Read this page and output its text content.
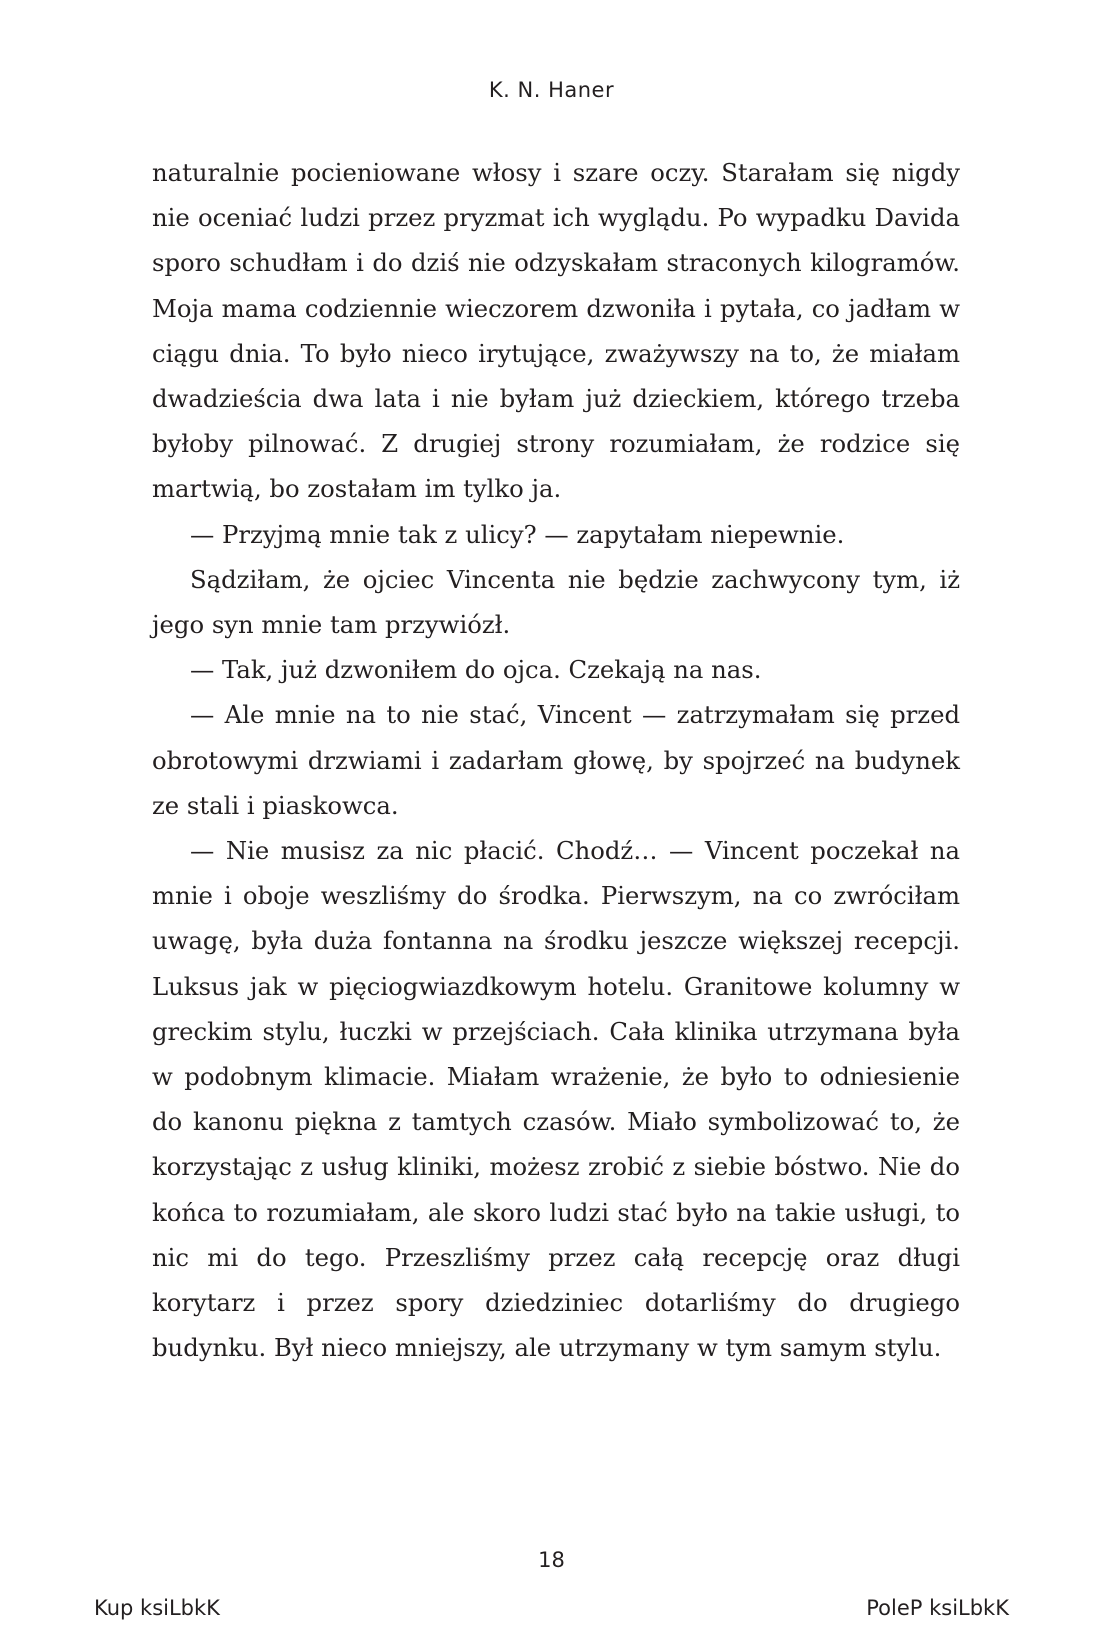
K. N. Haner

naturalnie pocieniowane włosy i szare oczy. Starałam się nigdy nie oceniać ludzi przez pryzmat ich wyglądu. Po wypadku Davida sporo schudłam i do dziś nie odzyskałam straconych kilogramów. Moja mama codziennie wieczorem dzwoniła i pytała, co jadłam w ciągu dnia. To było nieco irytujące, zważywszy na to, że miałam dwadzieścia dwa lata i nie byłam już dzieckiem, którego trzeba byłoby pilnować. Z drugiej strony rozumiałam, że rodzice się martwią, bo zostałam im tylko ja.

— Przyjmą mnie tak z ulicy? — zapytałam niepewnie.

Sądziłam, że ojciec Vincenta nie będzie zachwycony tym, iż jego syn mnie tam przywiózł.

— Tak, już dzwoniłem do ojca. Czekają na nas.

— Ale mnie na to nie stać, Vincent — zatrzymałam się przed obrotowymi drzwiami i zadarłam głowę, by spojrzeć na budynek ze stali i piaskowca.

— Nie musisz za nic płacić. Chodź… — Vincent poczekał na mnie i oboje weszliśmy do środka. Pierwszym, na co zwróciłam uwagę, była duża fontanna na środku jeszcze większej recepcji. Luksus jak w pięciogwiazdkowym hotelu. Granitowe kolumny w greckim stylu, łuczki w przejściach. Cała klinika utrzymana była w podobnym klimacie. Miałam wrażenie, że było to odniesienie do kanonu piękna z tamtych czasów. Miało symbolizować to, że korzystając z usług kliniki, możesz zrobić z siebie bóstwo. Nie do końca to rozumiałam, ale skoro ludzi stać było na takie usługi, to nic mi do tego. Przeszliśmy przez całą recepcję oraz długi korytarz i przez spory dziedziniec dotarliśmy do drugiego budynku. Był nieco mniejszy, ale utrzymany w tym samym stylu.

18
Kup ksiLbkK	PoleP ksiLbkK
